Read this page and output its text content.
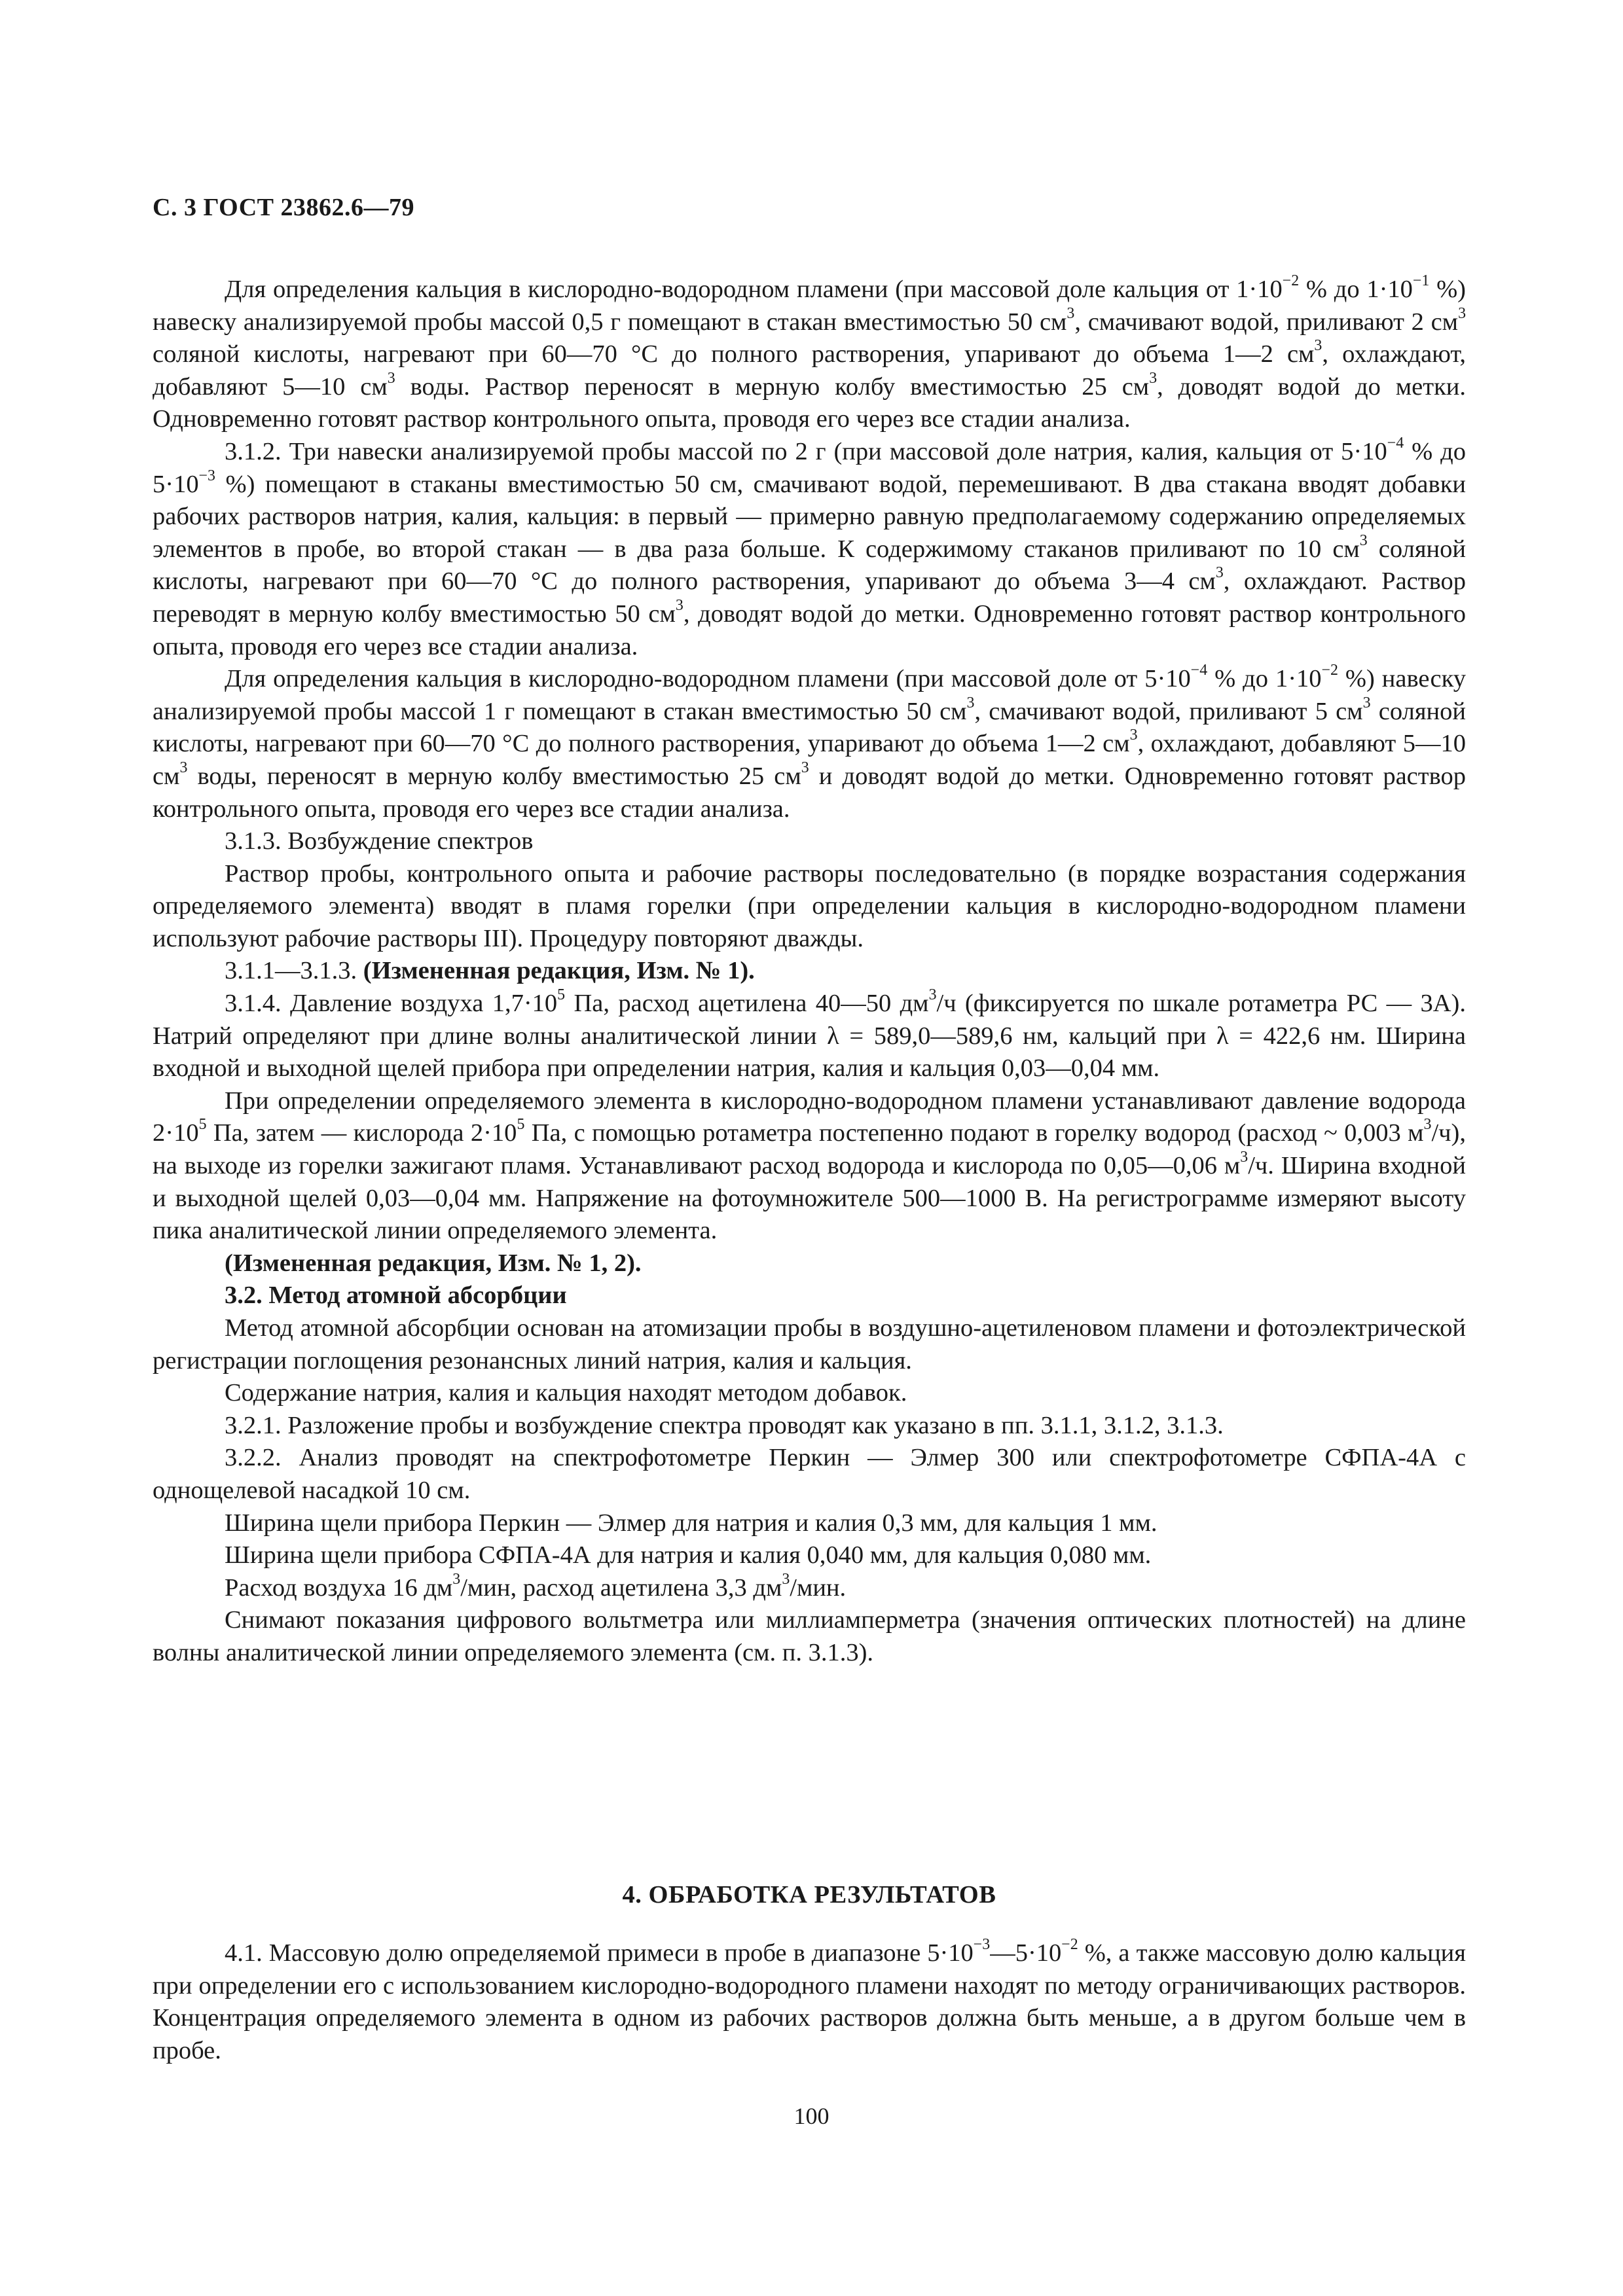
С. 3 ГОСТ 23862.6—79

Для определения кальция в кислородно-водородном пламени (при массовой доле кальция от $1\cdot 10^{-2}$ % до $1\cdot 10^{-1}$ %) навеску анализируемой пробы массой 0,5 г помещают в стакан вместимостью 50 $см^3$, смачивают водой, приливают 2 $см^3$ соляной кислоты, нагревают при 60—70 °С до полного растворения, упаривают до объема 1—2 $см^3$, охлаждают, добавляют 5—10 $см^3$ воды. Раствор переносят в мерную колбу вместимостью 25 $см^3$, доводят водой до метки. Одновременно готовят раствор контрольного опыта, проводя его через все стадии анализа.

3.1.2. Три навески анализируемой пробы массой по 2 г (при массовой доле натрия, калия, кальция от $5\cdot 10^{-4}$ % до $5\cdot 10^{-3}$ %) помещают в стаканы вместимостью 50 см, смачивают водой, перемешивают. В два стакана вводят добавки рабочих растворов натрия, калия, кальция: в первый — примерно равную предполагаемому содержанию определяемых элементов в пробе, во второй стакан — в два раза больше. К содержимому стаканов приливают по 10 $см^3$ соляной кислоты, нагревают при 60—70 °С до полного растворения, упаривают до объема 3—4 $см^3$, охлаждают. Раствор переводят в мерную колбу вместимостью 50 $см^3$, доводят водой до метки. Одновременно готовят раствор контрольного опыта, проводя его через все стадии анализа.

Для определения кальция в кислородно-водородном пламени (при массовой доле от $5\cdot 10^{-4}$ % до $1\cdot 10^{-2}$ %) навеску анализируемой пробы массой 1 г помещают в стакан вместимостью 50 $см^3$, смачивают водой, приливают 5 $см^3$ соляной кислоты, нагревают при 60—70 °С до полного растворения, упаривают до объема 1—2 $см^3$, охлаждают, добавляют 5—10 $см^3$ воды, переносят в мерную колбу вместимостью 25 $см^3$ и доводят водой до метки. Одновременно готовят раствор контрольного опыта, проводя его через все стадии анализа.

3.1.3. Возбуждение спектров

Раствор пробы, контрольного опыта и рабочие растворы последовательно (в порядке возрастания содержания определяемого элемента) вводят в пламя горелки (при определении кальция в кислородно-водородном пламени используют рабочие растворы III). Процедуру повторяют дважды.

3.1.1—3.1.3. (Измененная редакция, Изм. № 1).

3.1.4. Давление воздуха $1,7\cdot 10^5$ Па, расход ацетилена 40—50 $дм^3/ч$ (фиксируется по шкале ротаметра РС — 3А). Натрий определяют при длине волны аналитической линии λ = 589,0—589,6 нм, кальций при λ = 422,6 нм. Ширина входной и выходной щелей прибора при определении натрия, калия и кальция 0,03—0,04 мм.

При определении определяемого элемента в кислородно-водородном пламени устанавливают давление водорода $2\cdot 10^5$ Па, затем — кислорода $2\cdot 10^5$ Па, с помощью ротаметра постепенно подают в горелку водород (расход ~ 0,003 $м^3/ч$), на выходе из горелки зажигают пламя. Устанавливают расход водорода и кислорода по 0,05—0,06 $м^3/ч$. Ширина входной и выходной щелей 0,03—0,04 мм. Напряжение на фотоумножителе 500—1000 В. На регистрограмме измеряют высоту пика аналитической линии определяемого элемента.

(Измененная редакция, Изм. № 1, 2).

3.2. Метод атомной абсорбции

Метод атомной абсорбции основан на атомизации пробы в воздушно-ацетиленовом пламени и фотоэлектрической регистрации поглощения резонансных линий натрия, калия и кальция.

Содержание натрия, калия и кальция находят методом добавок.

3.2.1. Разложение пробы и возбуждение спектра проводят как указано в пп. 3.1.1, 3.1.2, 3.1.3.

3.2.2. Анализ проводят на спектрофотометре Перкин — Элмер 300 или спектрофотометре СФПА-4А с однощелевой насадкой 10 см.

Ширина щели прибора Перкин — Элмер для натрия и калия 0,3 мм, для кальция 1 мм.

Ширина щели прибора СФПА-4А для натрия и калия 0,040 мм, для кальция 0,080 мм.

Расход воздуха 16 $дм^3$/мин, расход ацетилена 3,3 $дм^3$/мин.

Снимают показания цифрового вольтметра или миллиамперметра (значения оптических плотностей) на длине волны аналитической линии определяемого элемента (см. п. 3.1.3).

4. ОБРАБОТКА РЕЗУЛЬТАТОВ

4.1. Массовую долю определяемой примеси в пробе в диапазоне $5\cdot 10^{-3}—5\cdot 10^{-2}$ %, а также массовую долю кальция при определении его с использованием кислородно-водородного пламени находят по методу ограничивающих растворов. Концентрация определяемого элемента в одном из рабочих растворов должна быть меньше, а в другом больше чем в пробе.

100
